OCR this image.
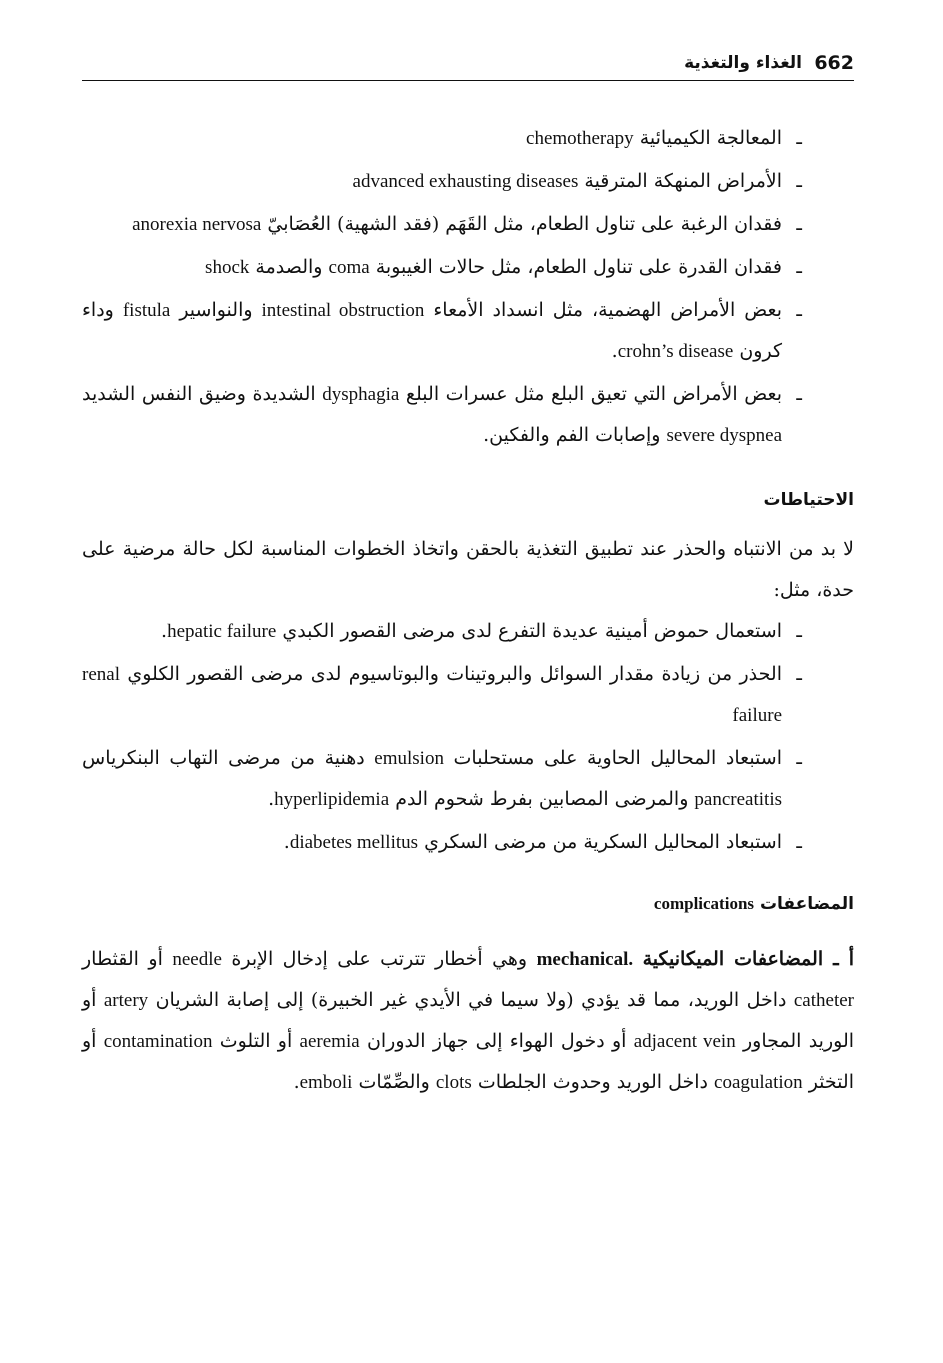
662
الغذاء والتغذية
ـ المعالجة الكيميائية chemotherapy
ـ الأمراض المنهكة المترقية advanced exhausting diseases
ـ فقدان الرغبة على تناول الطعام، مثل القَهَم (فقد الشهية) العُصَابيّ anorexia nervosa
ـ فقدان القدرة على تناول الطعام، مثل حالات الغيبوبة coma والصدمة shock
ـ بعض الأمراض الهضمية، مثل انسداد الأمعاء intestinal obstruction والنواسير fistula وداء كرون crohn’s disease.
ـ بعض الأمراض التي تعيق البلع مثل عسرات البلع dysphagia الشديدة وضيق النفس الشديد severe dyspnea وإصابات الفم والفكين.
الاحتياطات

لا بد من الانتباه والحذر عند تطبيق التغذية بالحقن واتخاذ الخطوات المناسبة لكل حالة مرضية على حدة، مثل:

ـ استعمال حموض أمينية عديدة التفرع لدى مرضى القصور الكبدي hepatic failure.
ـ الحذر من زيادة مقدار السوائل والبروتينات والبوتاسيوم لدى مرضى القصور الكلوي renal failure
ـ استبعاد المحاليل الحاوية على مستحلبات emulsion دهنية من مرضى التهاب البنكرياس pancreatitis والمرضى المصابين بفرط شحوم الدم hyperlipidemia.
ـ استبعاد المحاليل السكرية من مرضى السكري diabetes mellitus.
المضاعفات complications

أ ـ المضاعفات الميكانيكية mechanical. وهي أخطار تترتب على إدخال الإبرة needle أو القثطار catheter داخل الوريد، مما قد يؤدي (ولا سيما في الأيدي غير الخبيرة) إلى إصابة الشريان artery أو الوريد المجاور adjacent vein أو دخول الهواء إلى جهاز الدوران aeremia أو التلوث contamination أو التخثر coagulation داخل الوريد وحدوث الجلطات clots والصِّمّات emboli.
